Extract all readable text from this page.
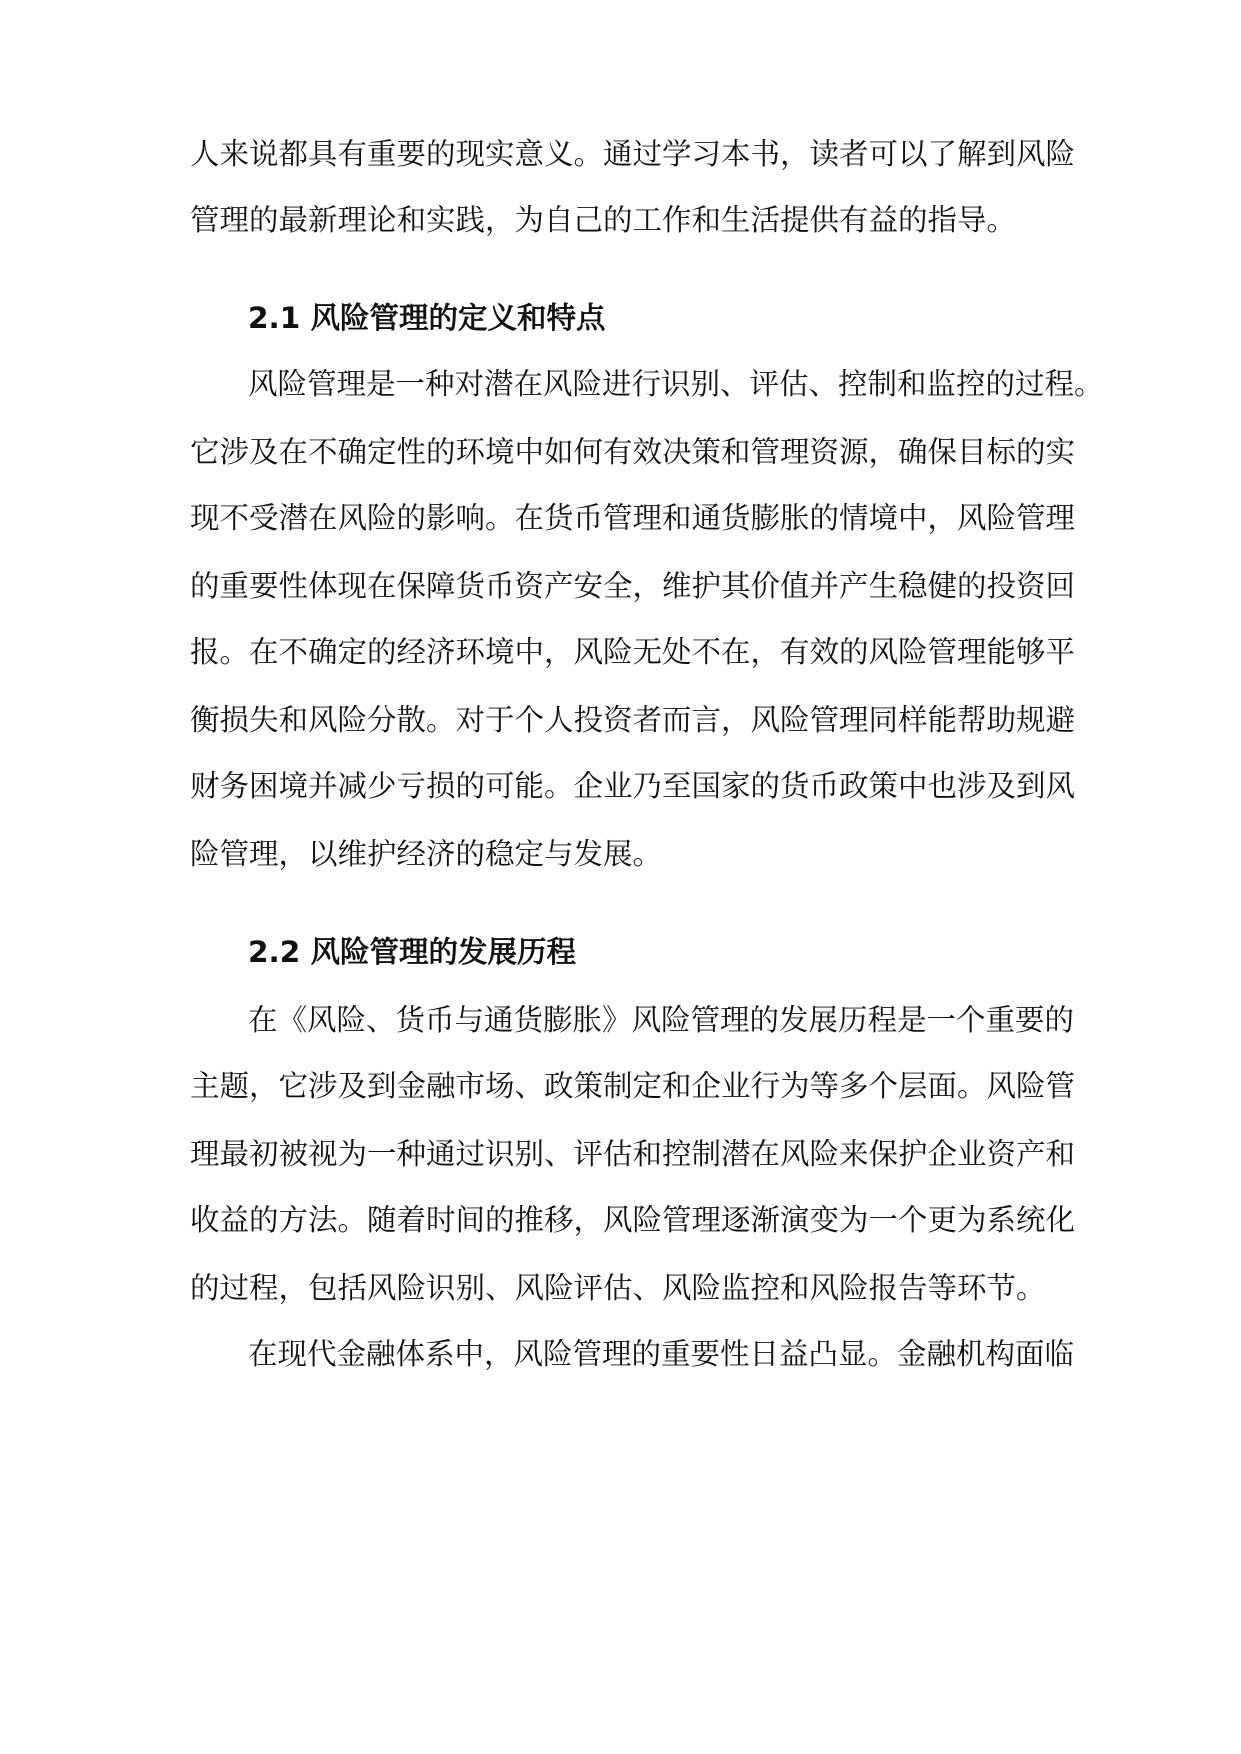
人来说都具有重要的现实意义。通过学习本书，读者可以了解到风险
管理的最新理论和实践，为自己的工作和生活提供有益的指导。
2.1 风险管理的定义和特点
风险管理是一种对潜在风险进行识别、评估、控制和监控的过程。
它涉及在不确定性的环境中如何有效决策和管理资源，确保目标的实
现不受潜在风险的影响。在货币管理和通货膨胀的情境中，风险管理
的重要性体现在保障货币资产安全，维护其价值并产生稳健的投资回
报。在不确定的经济环境中，风险无处不在，有效的风险管理能够平
衡损失和风险分散。对于个人投资者而言，风险管理同样能帮助规避
财务困境并减少亏损的可能。企业乃至国家的货币政策中也涉及到风
险管理，以维护经济的稳定与发展。
2.2 风险管理的发展历程
在《风险、货币与通货膨胀》风险管理的发展历程是一个重要的
主题，它涉及到金融市场、政策制定和企业行为等多个层面。风险管
理最初被视为一种通过识别、评估和控制潜在风险来保护企业资产和
收益的方法。随着时间的推移，风险管理逐渐演变为一个更为系统化
的过程，包括风险识别、风险评估、风险监控和风险报告等环节。
在现代金融体系中，风险管理的重要性日益凸显。金融机构面临
